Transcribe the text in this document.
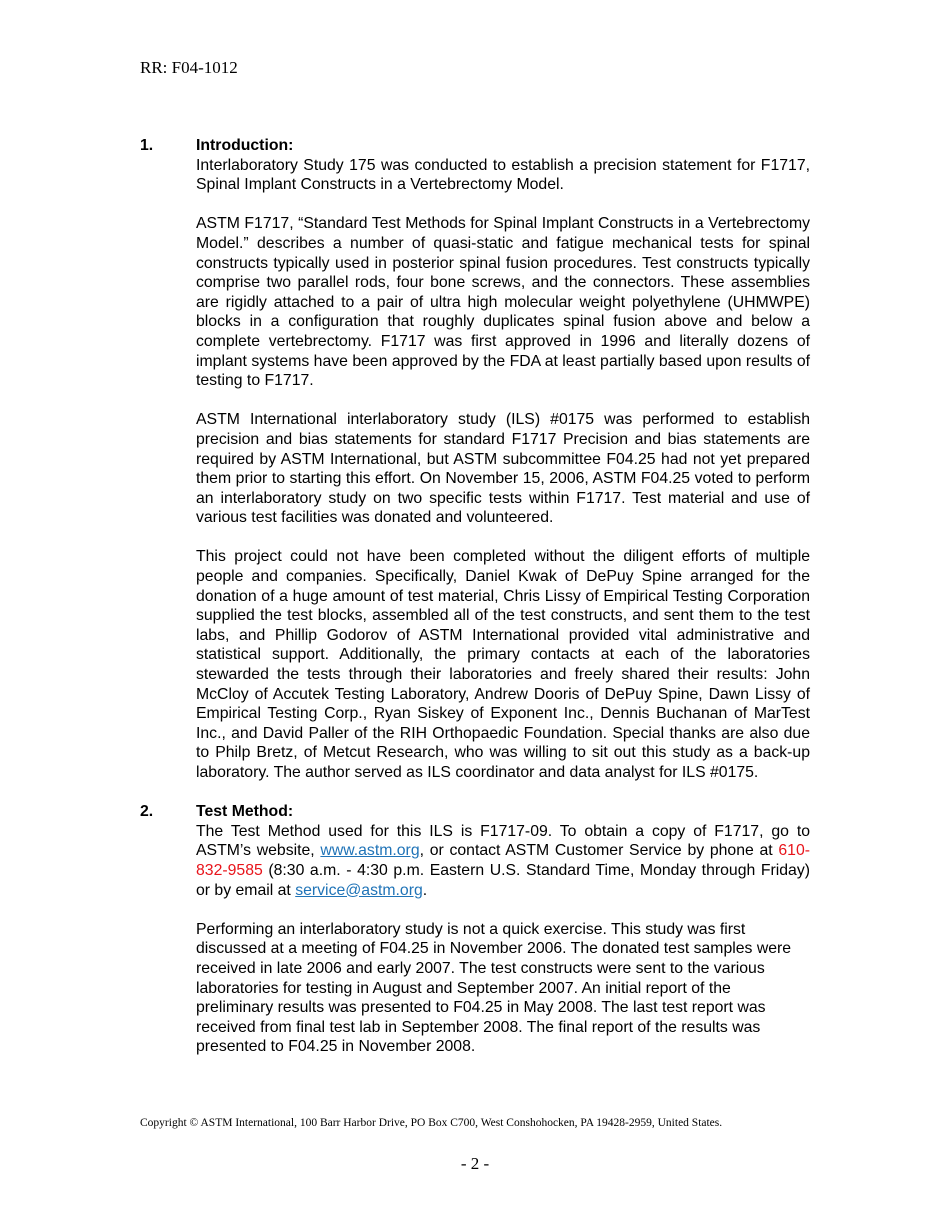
RR: F04-1012
1.	Introduction:

Interlaboratory Study 175 was conducted to establish a precision statement for F1717, Spinal Implant Constructs in a Vertebrectomy Model.

ASTM F1717, “Standard Test Methods for Spinal Implant Constructs in a Vertebrectomy Model.” describes a number of quasi-static and fatigue mechanical tests for spinal constructs typically used in posterior spinal fusion procedures. Test constructs typically comprise two parallel rods, four bone screws, and the connectors. These assemblies are rigidly attached to a pair of ultra high molecular weight polyethylene (UHMWPE) blocks in a configuration that roughly duplicates spinal fusion above and below a complete vertebrectomy. F1717 was first approved in 1996 and literally dozens of implant systems have been approved by the FDA at least partially based upon results of testing to F1717.

ASTM International interlaboratory study (ILS) #0175 was performed to establish precision and bias statements for standard F1717 Precision and bias statements are required by ASTM International, but ASTM subcommittee F04.25 had not yet prepared them prior to starting this effort. On November 15, 2006, ASTM F04.25 voted to perform an interlaboratory study on two specific tests within F1717. Test material and use of various test facilities was donated and volunteered.

This project could not have been completed without the diligent efforts of multiple people and companies. Specifically, Daniel Kwak of DePuy Spine arranged for the donation of a huge amount of test material, Chris Lissy of Empirical Testing Corporation supplied the test blocks, assembled all of the test constructs, and sent them to the test labs, and Phillip Godorov of ASTM International provided vital administrative and statistical support. Additionally, the primary contacts at each of the laboratories stewarded the tests through their laboratories and freely shared their results: John McCloy of Accutek Testing Laboratory, Andrew Dooris of DePuy Spine, Dawn Lissy of Empirical Testing Corp., Ryan Siskey of Exponent Inc., Dennis Buchanan of MarTest Inc., and David Paller of the RIH Orthopaedic Foundation. Special thanks are also due to Philp Bretz, of Metcut Research, who was willing to sit out this study as a back-up laboratory. The author served as ILS coordinator and data analyst for ILS #0175.

2.	Test Method:

The Test Method used for this ILS is F1717-09. To obtain a copy of F1717, go to ASTM’s website, www.astm.org, or contact ASTM Customer Service by phone at 610-832-9585 (8:30 a.m. - 4:30 p.m. Eastern U.S. Standard Time, Monday through Friday) or by email at service@astm.org.

Performing an interlaboratory study is not a quick exercise. This study was first discussed at a meeting of F04.25 in November 2006. The donated test samples were received in late 2006 and early 2007. The test constructs were sent to the various laboratories for testing in August and September 2007. An initial report of the preliminary results was presented to F04.25 in May 2008. The last test report was received from final test lab in September 2008. The final report of the results was presented to F04.25 in November 2008.

Copyright © ASTM International, 100 Barr Harbor Drive, PO Box C700, West Conshohocken, PA 19428-2959, United States.
- 2 -
